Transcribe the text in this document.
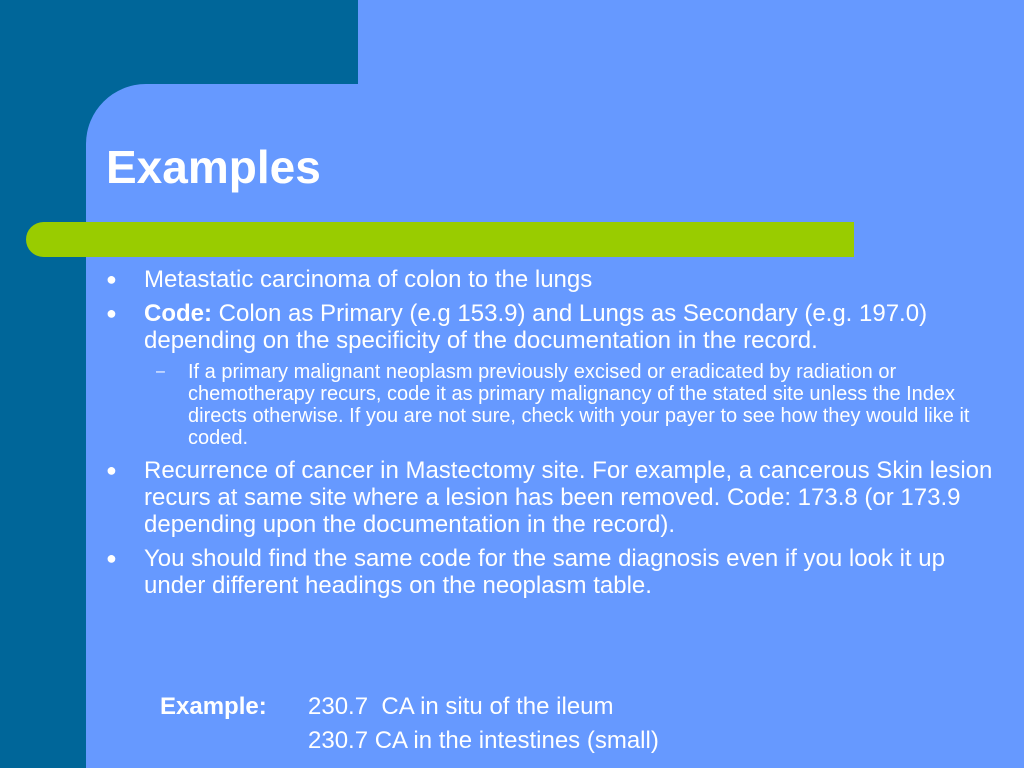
Examples
●	Metastatic carcinoma of colon to the lungs
●	Code: Colon as Primary (e.g 153.9) and Lungs as Secondary (e.g. 197.0) depending on the specificity of the documentation in the record.
– If a primary malignant neoplasm previously excised or eradicated by radiation or chemotherapy recurs, code it as primary malignancy of the stated site unless the Index directs otherwise. If you are not sure, check with your payer to see how they would like it coded.
●	Recurrence of cancer in Mastectomy site. For example, a cancerous Skin lesion recurs at same site where a lesion has been removed. Code: 173.8 (or 173.9 depending upon the documentation in the record).
●	You should find the same code for the same diagnosis even if you look it up under different headings on the neoplasm table.
Example:	230.7  CA in situ of the ileum
230.7 CA in the intestines (small)
